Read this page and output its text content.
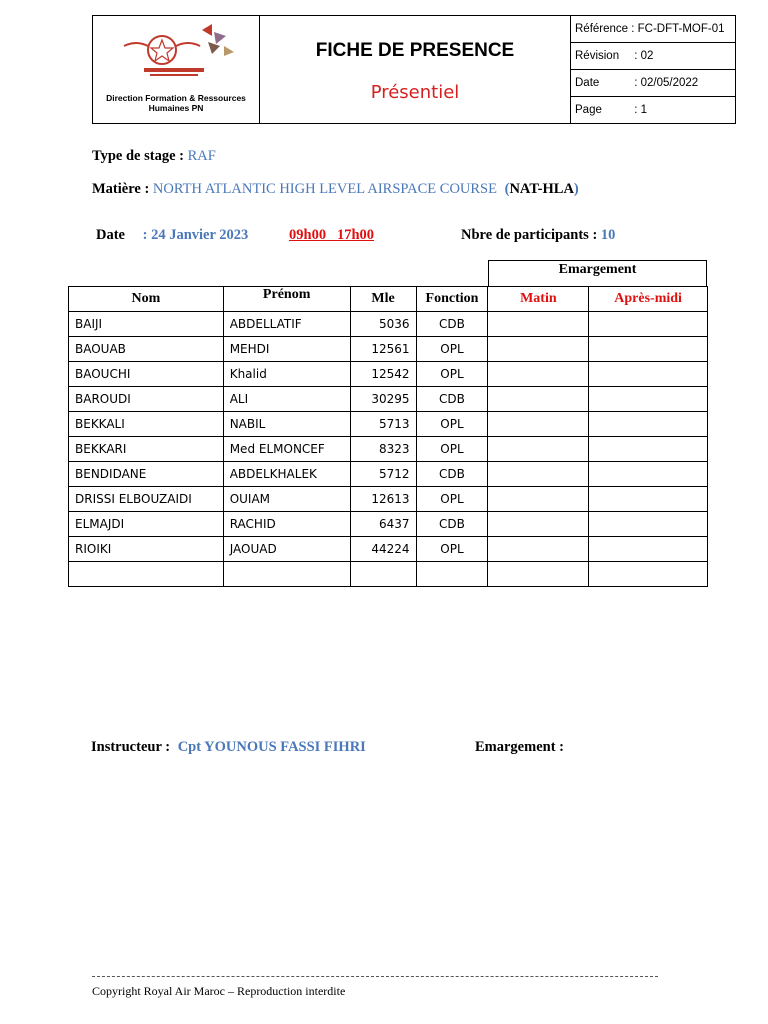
Direction Formation & Ressources Humaines PN

FICHE DE PRESENCE
Présentiel
	Référence : FC-DFT-MOF-01
Révision : 02
Date	: 02/05/2022
Page	: 1
Type de stage : RAF
Matière : NORTH ATLANTIC HIGH LEVEL AIRSPACE COURSE (NAT-HLA)
Date : 24 Janvier 2023	09h00 17h00	Nbre de participants : 10
Emargement
Nom	Prénom	Mle	Fonction	Matin	Après-midi
BAIJI	ABDELLATIF	5036	CDB		
BAOUAB	MEHDI	12561	OPL		
BAOUCHI	Khalid	12542	OPL		
BAROUDI	ALI	30295	CDB		
BEKKALI	NABIL	5713	OPL		
BEKKARI	Med ELMONCEF	8323	OPL		
BENDIDANE	ABDELKHALEK	5712	CDB		
DRISSI ELBOUZAIDI	OUIAM	12613	OPL		
ELMAJDI	RACHID	6437	CDB		
RIOIKI	JAOUAD	44224	OPL		

Instructeur : Cpt YOUNOUS FASSI FIHRI	Emargement :
Copyright Royal Air Maroc – Reproduction interdite
